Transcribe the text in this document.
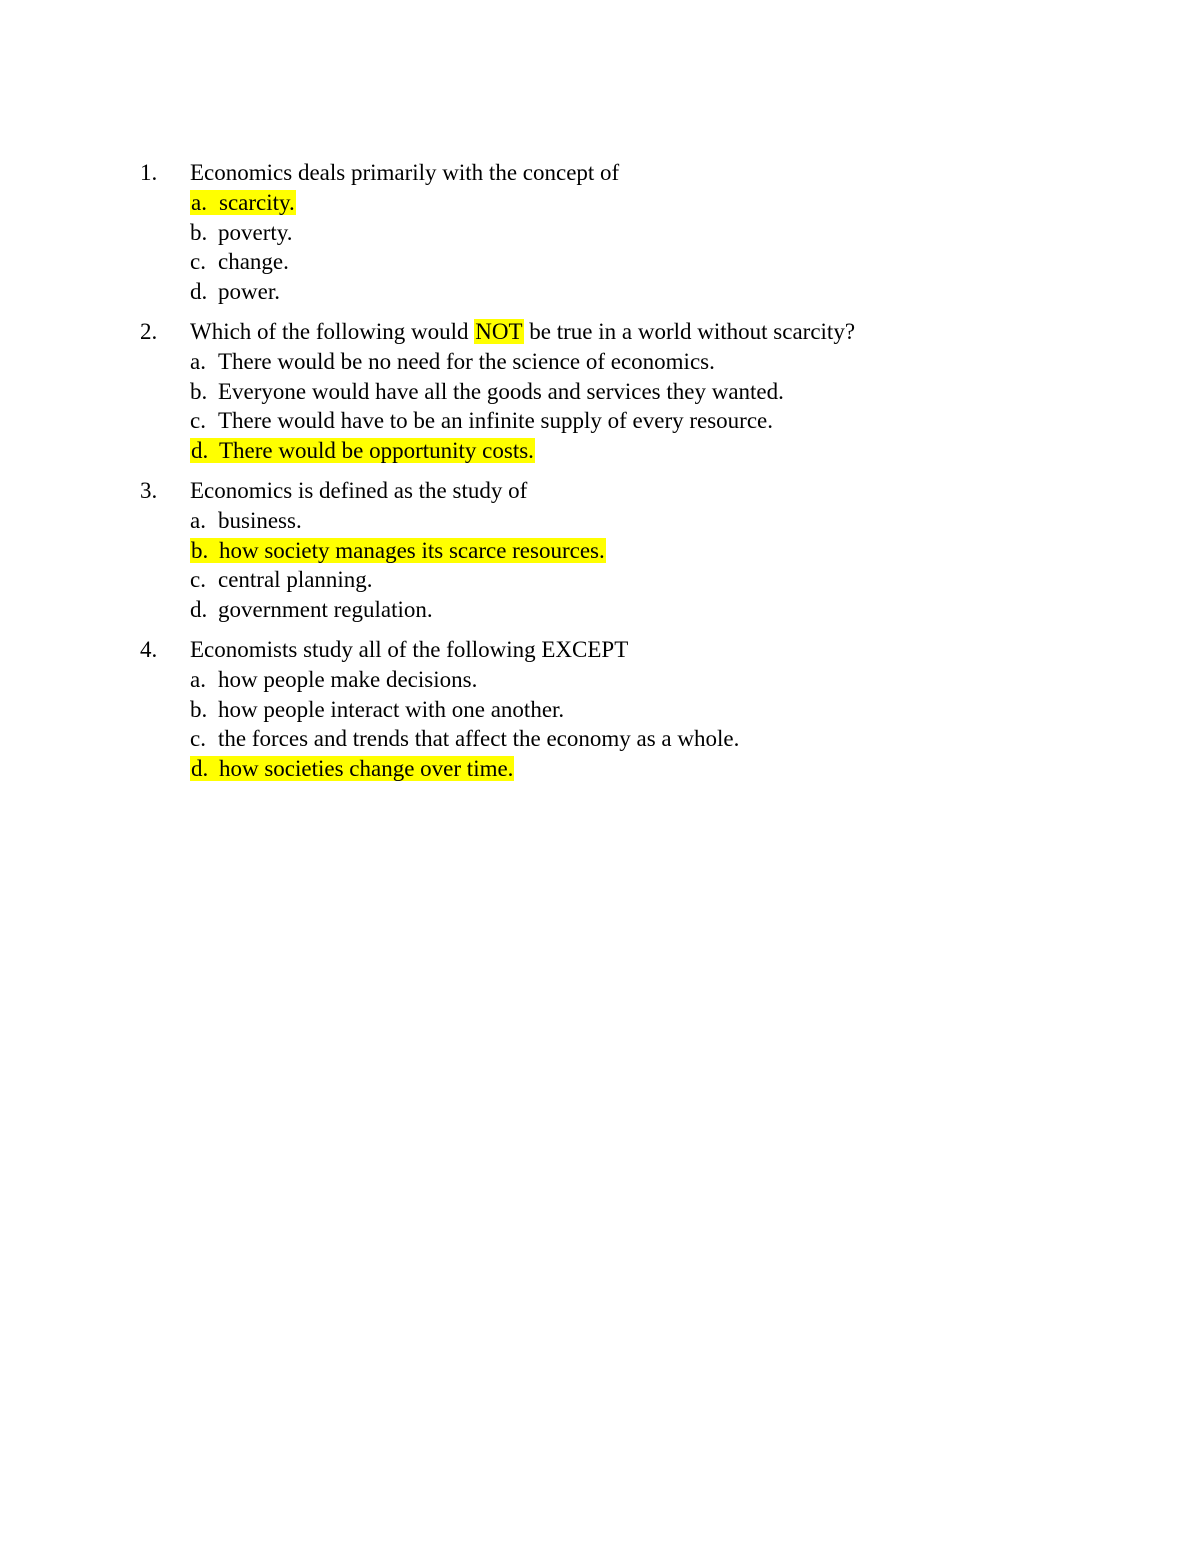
1.	Economics deals primarily with the concept of
a. scarcity.
b. poverty.
c. change.
d. power.
2.	Which of the following would NOT be true in a world without scarcity?
a. There would be no need for the science of economics.
b. Everyone would have all the goods and services they wanted.
c. There would have to be an infinite supply of every resource.
d. There would be opportunity costs.
3.	Economics is defined as the study of
a. business.
b. how society manages its scarce resources.
c. central planning.
d. government regulation.
4.	Economists study all of the following EXCEPT
a. how people make decisions.
b. how people interact with one another.
c. the forces and trends that affect the economy as a whole.
d. how societies change over time.
